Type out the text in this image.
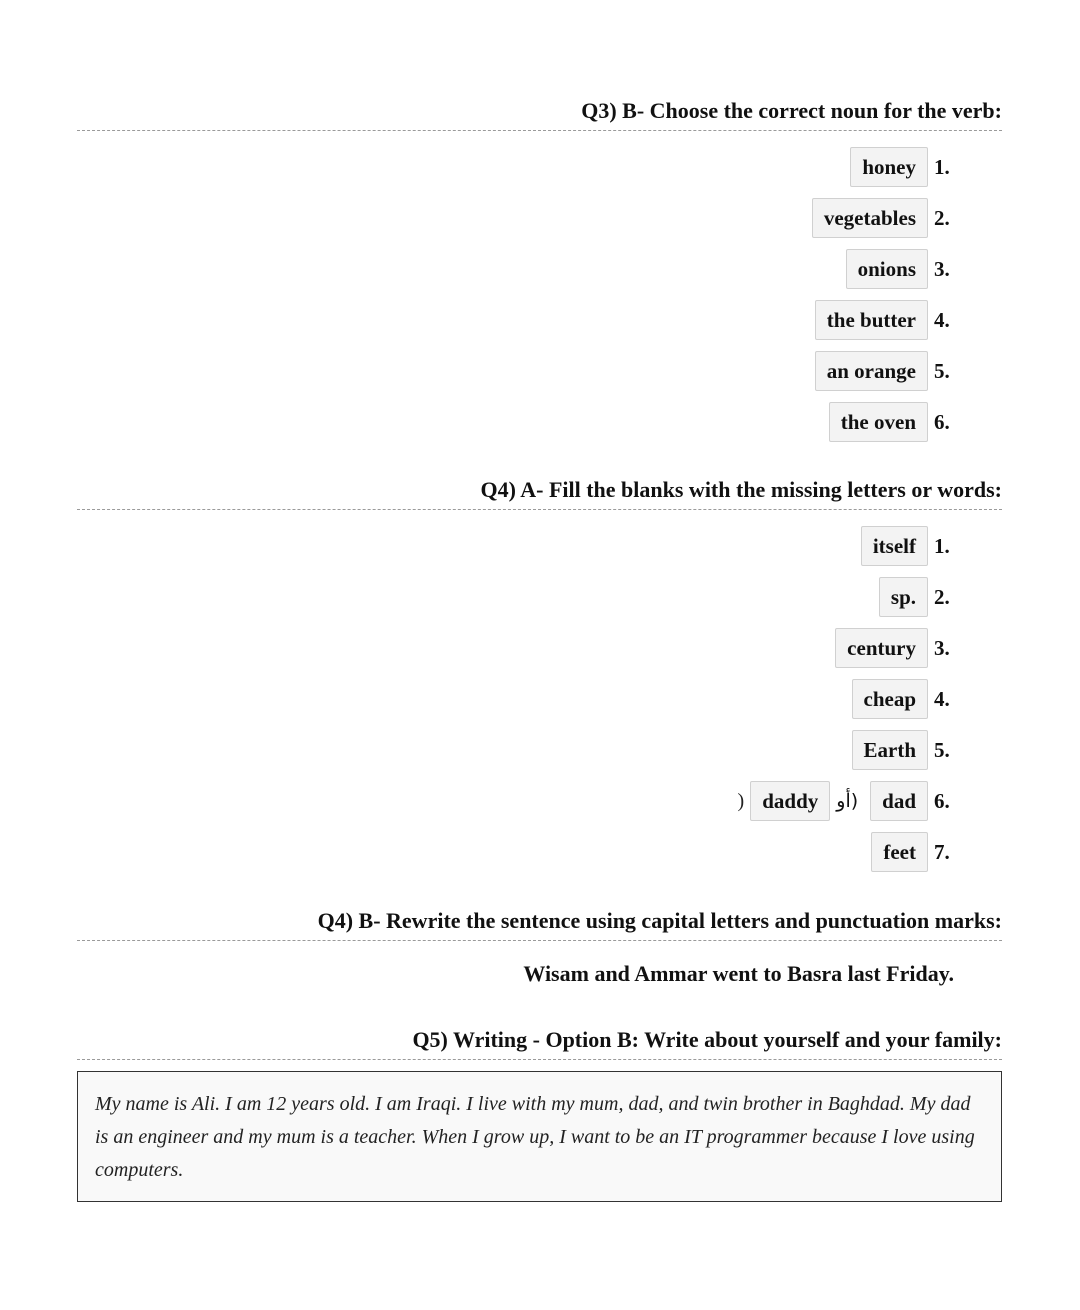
Q3) B- Choose the correct noun for the verb:
honey 1.
vegetables 2.
onions 3.
the butter 4.
an orange 5.
the oven 6.
Q4) A- Fill the blanks with the missing letters or words:
itself 1.
sp. 2.
century 3.
cheap 4.
Earth 5.
) daddy (أو	dad 6.
feet 7.
Q4) B- Rewrite the sentence using capital letters and punctuation marks:
Wisam and Ammar went to Basra last Friday.
Q5) Writing - Option B: Write about yourself and your family:
My name is Ali. I am 12 years old. I am Iraqi. I live with my mum, dad, and twin brother in Baghdad. My dad is an engineer and my mum is a teacher. When I grow up, I want to be an IT programmer because I love using computers.
